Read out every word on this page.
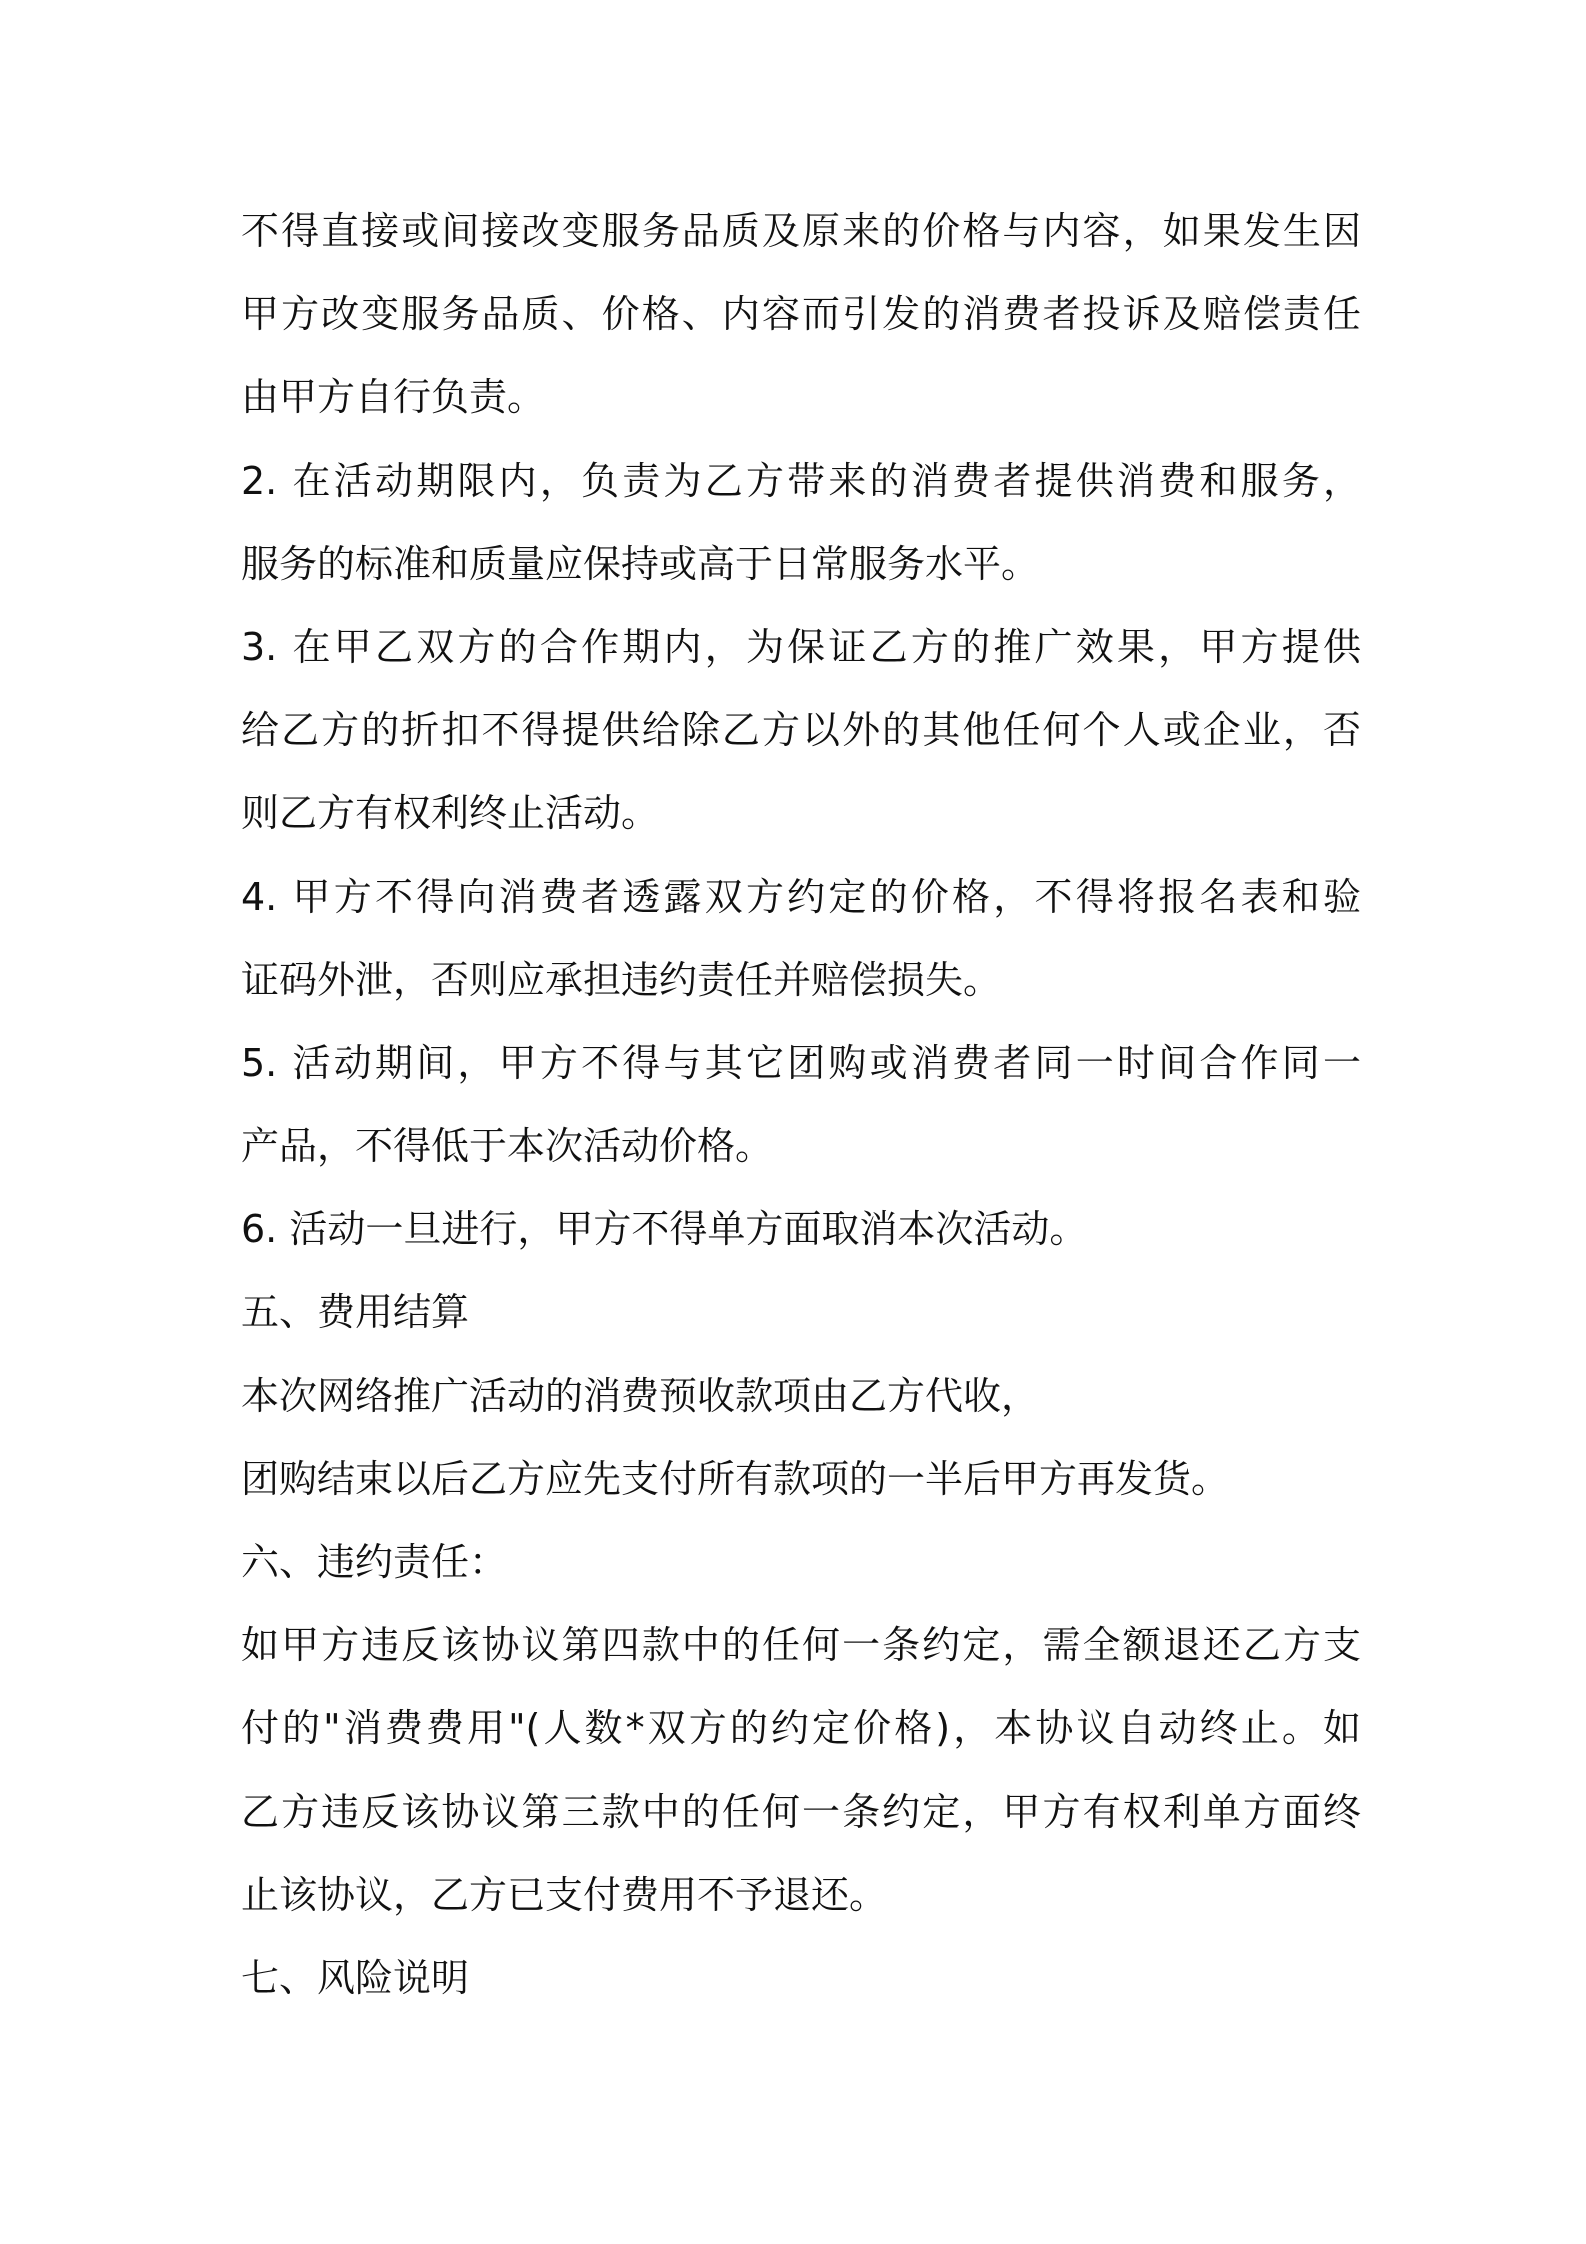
不得直接或间接改变服务品质及原来的价格与内容，如果发生因
甲方改变服务品质、价格、内容而引发的消费者投诉及赔偿责任
由甲方自行负责。
2. 在活动期限内，负责为乙方带来的消费者提供消费和服务，
服务的标准和质量应保持或高于日常服务水平。
3. 在甲乙双方的合作期内，为保证乙方的推广效果，甲方提供
给乙方的折扣不得提供给除乙方以外的其他任何个人或企业，否
则乙方有权利终止活动。
4. 甲方不得向消费者透露双方约定的价格，不得将报名表和验
证码外泄，否则应承担违约责任并赔偿损失。
5. 活动期间，甲方不得与其它团购或消费者同一时间合作同一
产品，不得低于本次活动价格。
6. 活动一旦进行，甲方不得单方面取消本次活动。
五、费用结算
本次网络推广活动的消费预收款项由乙方代收，
团购结束以后乙方应先支付所有款项的一半后甲方再发货。
六、违约责任：
如甲方违反该协议第四款中的任何一条约定，需全额退还乙方支
付的"消费费用"(人数*双方的约定价格)，本协议自动终止。如
乙方违反该协议第三款中的任何一条约定，甲方有权利单方面终
止该协议，乙方已支付费用不予退还。
七、风险说明
